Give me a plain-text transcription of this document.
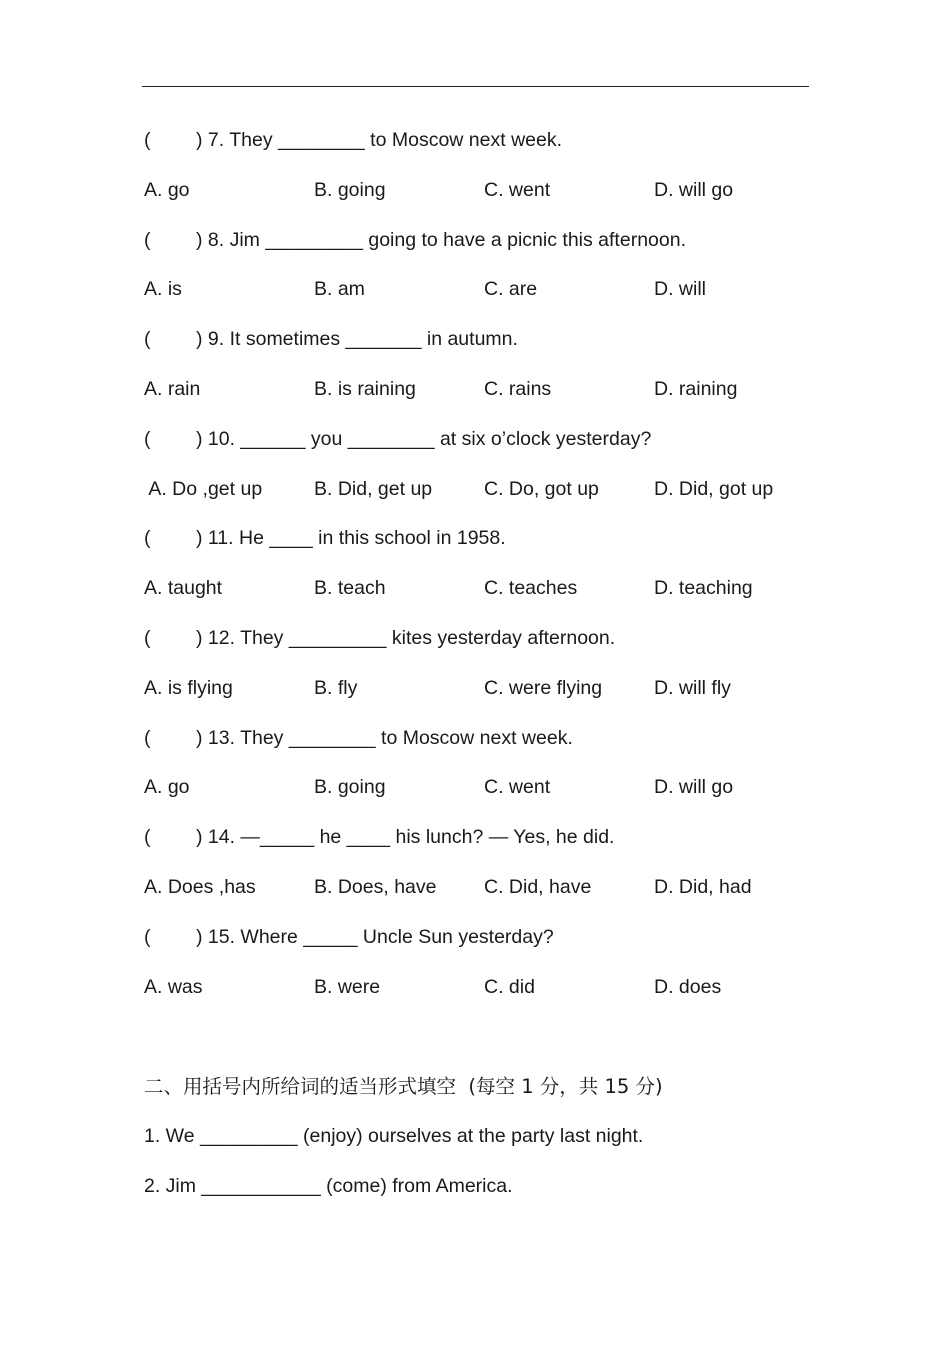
( ) 7. They ________ to Moscow next week.
A. go	B. going	C. went	D. will go
( ) 8. Jim _________ going to have a picnic this afternoon.
A. is	B. am	C. are	D. will
( ) 9. It sometimes _______ in autumn.
A. rain	B. is raining	C. rains	D. raining
( ) 10. ______ you ________ at six o’clock yesterday?
A. Do ,get up	B. Did, get up	C. Do, got up	D. Did, got up
( ) 11. He ____ in this school in 1958.
A. taught	B. teach	C. teaches	D. teaching
( ) 12. They _________ kites yesterday afternoon.
A. is flying	B. fly	C. were flying	D. will fly
( ) 13. They ________ to Moscow next week.
A. go	B. going	C. went	D. will go
( ) 14. —_____ he ____ his lunch? — Yes, he did.
A. Does ,has	B. Does, have	C. Did, have	D. Did, had
( ) 15. Where _____ Uncle Sun yesterday?
A. was	B. were	C. did	D. does
二、用括号内所给词的适当形式填空  (每空 1 分，共 15 分)
1. We _________ (enjoy) ourselves at the party last night.
2. Jim ___________ (come) from America.
